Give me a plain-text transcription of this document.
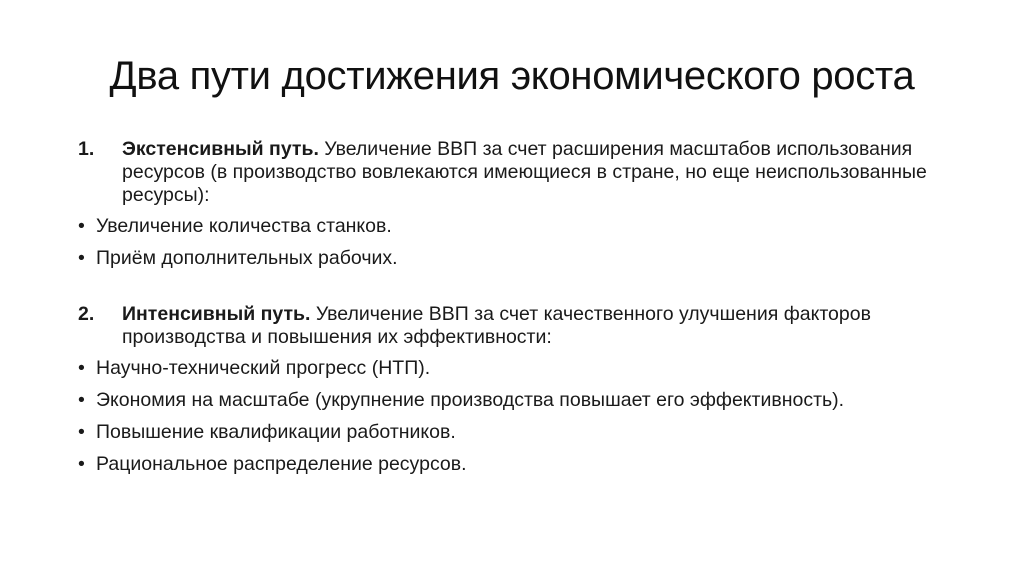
Два пути достижения экономического роста
1. Экстенсивный путь. Увеличение ВВП за счет расширения масштабов использования ресурсов (в производство вовлекаются имеющиеся в стране, но еще неиспользованные ресурсы):
• Увеличение количества станков.
• Приём дополнительных рабочих.
2. Интенсивный путь. Увеличение ВВП за счет качественного улучшения факторов производства и повышения их эффективности:
• Научно-технический прогресс (НТП).
• Экономия на масштабе (укрупнение производства повышает его эффективность).
• Повышение квалификации работников.
• Рациональное распределение ресурсов.
